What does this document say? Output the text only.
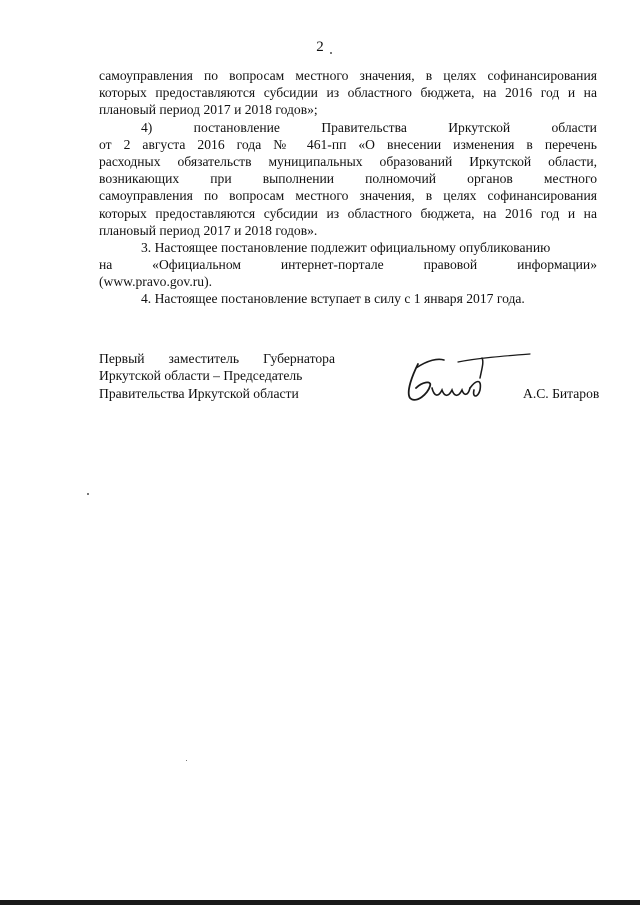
2
самоуправления по вопросам местного значения, в целях софинансирования
которых предоставляются субсидии из областного бюджета, на 2016 год и на
плановый период 2017 и 2018 годов»;
4)	постановление	Правительства	Иркутской	области
от 2 августа 2016 года № 461-пп «О внесении изменения в перечень
расходных обязательств муниципальных образований Иркутской области,
возникающих при выполнении полномочий органов местного
самоуправления по вопросам местного значения, в целях софинансирования
которых предоставляются субсидии из областного бюджета, на 2016 год и на
плановый период 2017 и 2018 годов».
3. Настоящее постановление подлежит официальному опубликованию
на «Официальном интернет-портале правовой информации»
(www.pravo.gov.ru).
4. Настоящее постановление вступает в силу с 1 января 2017 года.
Первый заместитель Губернатора
Иркутской области – Председатель
Правительства Иркутской области	А.С. Битаров
